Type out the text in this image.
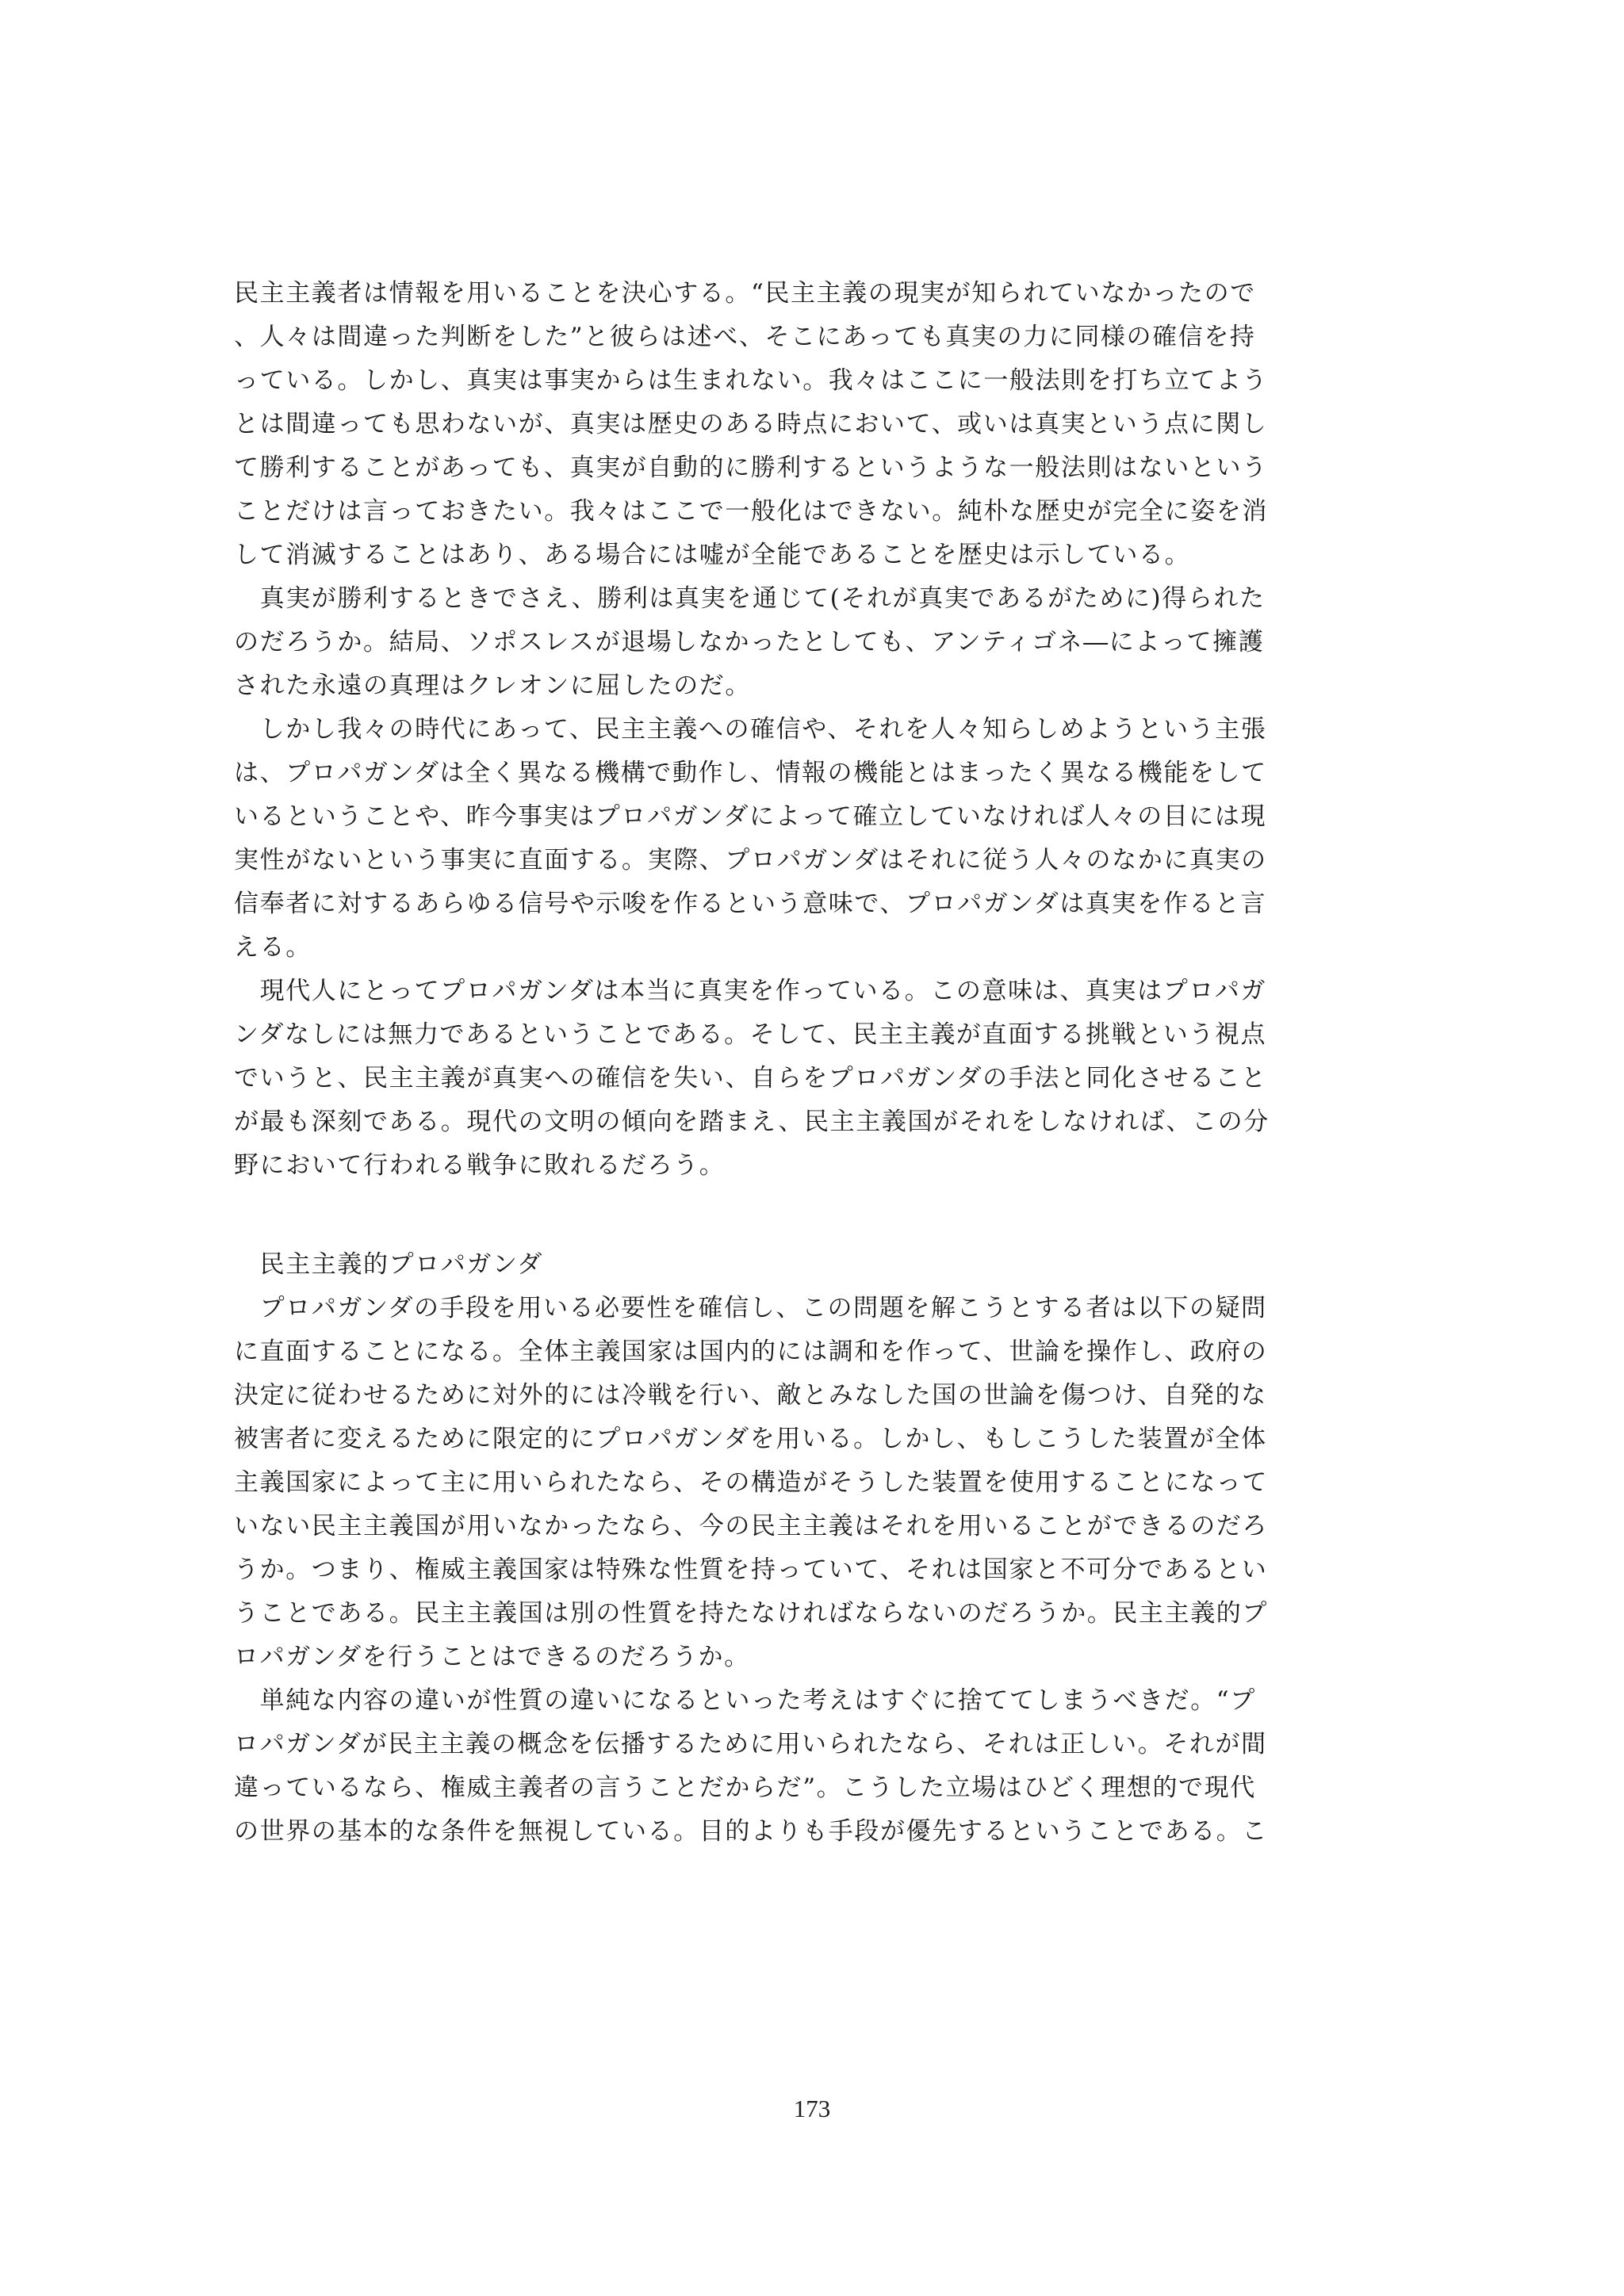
民主主義者は情報を用いることを決心する。“民主主義の現実が知られていなかったので
、人々は間違った判断をした”と彼らは述べ、そこにあっても真実の力に同様の確信を持
っている。しかし、真実は事実からは生まれない。我々はここに一般法則を打ち立てよう
とは間違っても思わないが、真実は歴史のある時点において、或いは真実という点に関し
て勝利することがあっても、真実が自動的に勝利するというような一般法則はないという
ことだけは言っておきたい。我々はここで一般化はできない。純朴な歴史が完全に姿を消
して消滅することはあり、ある場合には嘘が全能であることを歴史は示している。
　真実が勝利するときでさえ、勝利は真実を通じて(それが真実であるがために)得られた
のだろうか。結局、ソポスレスが退場しなかったとしても、アンティゴネ―によって擁護
された永遠の真理はクレオンに屈したのだ。
　しかし我々の時代にあって、民主主義への確信や、それを人々知らしめようという主張
は、プロパガンダは全く異なる機構で動作し、情報の機能とはまったく異なる機能をして
いるということや、昨今事実はプロパガンダによって確立していなければ人々の目には現
実性がないという事実に直面する。実際、プロパガンダはそれに従う人々のなかに真実の
信奉者に対するあらゆる信号や示唆を作るという意味で、プロパガンダは真実を作ると言
える。
　現代人にとってプロパガンダは本当に真実を作っている。この意味は、真実はプロパガ
ンダなしには無力であるということである。そして、民主主義が直面する挑戦という視点
でいうと、民主主義が真実への確信を失い、自らをプロパガンダの手法と同化させること
が最も深刻である。現代の文明の傾向を踏まえ、民主主義国がそれをしなければ、この分
野において行われる戦争に敗れるだろう。
　民主主義的プロパガンダ
　プロパガンダの手段を用いる必要性を確信し、この問題を解こうとする者は以下の疑問
に直面することになる。全体主義国家は国内的には調和を作って、世論を操作し、政府の
決定に従わせるために対外的には冷戦を行い、敵とみなした国の世論を傷つけ、自発的な
被害者に変えるために限定的にプロパガンダを用いる。しかし、もしこうした装置が全体
主義国家によって主に用いられたなら、その構造がそうした装置を使用することになって
いない民主主義国が用いなかったなら、今の民主主義はそれを用いることができるのだろ
うか。つまり、権威主義国家は特殊な性質を持っていて、それは国家と不可分であるとい
うことである。民主主義国は別の性質を持たなければならないのだろうか。民主主義的プ
ロパガンダを行うことはできるのだろうか。
　単純な内容の違いが性質の違いになるといった考えはすぐに捨ててしまうべきだ。“プ
ロパガンダが民主主義の概念を伝播するために用いられたなら、それは正しい。それが間
違っているなら、権威主義者の言うことだからだ”。こうした立場はひどく理想的で現代
の世界の基本的な条件を無視している。目的よりも手段が優先するということである。こ
173
